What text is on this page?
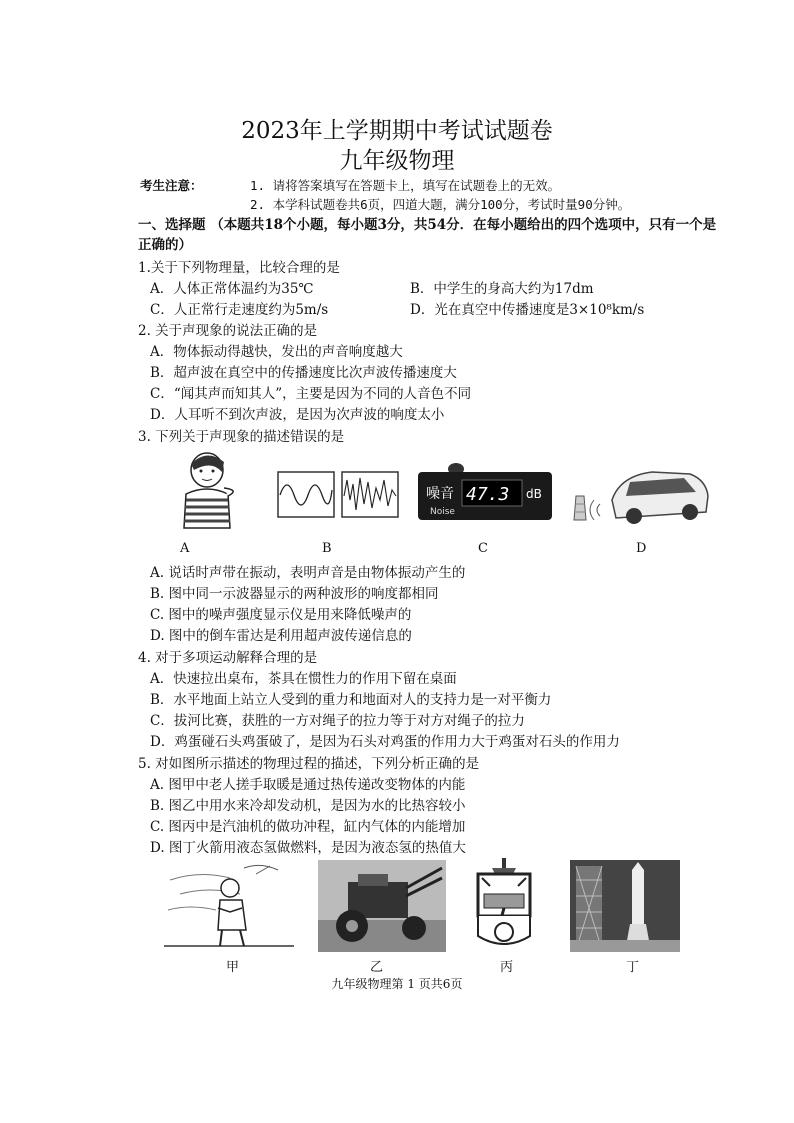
2023年上学期期中考试试题卷
九年级物理
考生注意：	1. 请将答案填写在答题卡上，填写在试题卷上的无效。
2. 本学科试题卷共6页，四道大题，满分100分，考试时量90分钟。
一、选择题 （本题共18个小题，每小题3分，共54分．在每小题给出的四个选项中，只有一个是正确的）
1.关于下列物理量，比较合理的是
A．人体正常体温约为35℃	B．中学生的身高大约为17dm
C．人正常行走速度约为5m/s	D．光在真空中传播速度是3×10⁸km/s
2. 关于声现象的说法正确的是
A．物体振动得越快，发出的声音响度越大
B．超声波在真空中的传播速度比次声波传播速度大
C．“闻其声而知其人”，主要是因为不同的人音色不同
D．人耳听不到次声波，是因为次声波的响度太小
3. 下列关于声现象的描述错误的是
噪音
Noise
47.3 dB
A	B	C	D
A. 说话时声带在振动，表明声音是由物体振动产生的
B. 图中同一示波器显示的两种波形的响度都相同
C. 图中的噪声强度显示仪是用来降低噪声的
D. 图中的倒车雷达是利用超声波传递信息的
4. 对于多项运动解释合理的是
A．快速拉出桌布，茶具在惯性力的作用下留在桌面
B．水平地面上站立人受到的重力和地面对人的支持力是一对平衡力
C．拔河比赛，获胜的一方对绳子的拉力等于对方对绳子的拉力
D．鸡蛋碰石头鸡蛋破了，是因为石头对鸡蛋的作用力大于鸡蛋对石头的作用力
5. 对如图所示描述的物理过程的描述，下列分析正确的是
A. 图甲中老人搓手取暖是通过热传递改变物体的内能
B. 图乙中用水来冷却发动机，是因为水的比热容较小
C. 图丙中是汽油机的做功冲程，缸内气体的内能增加
D. 图丁火箭用液态氢做燃料，是因为液态氢的热值大
甲	乙	丙	丁
九年级物理第 1 页共6页
